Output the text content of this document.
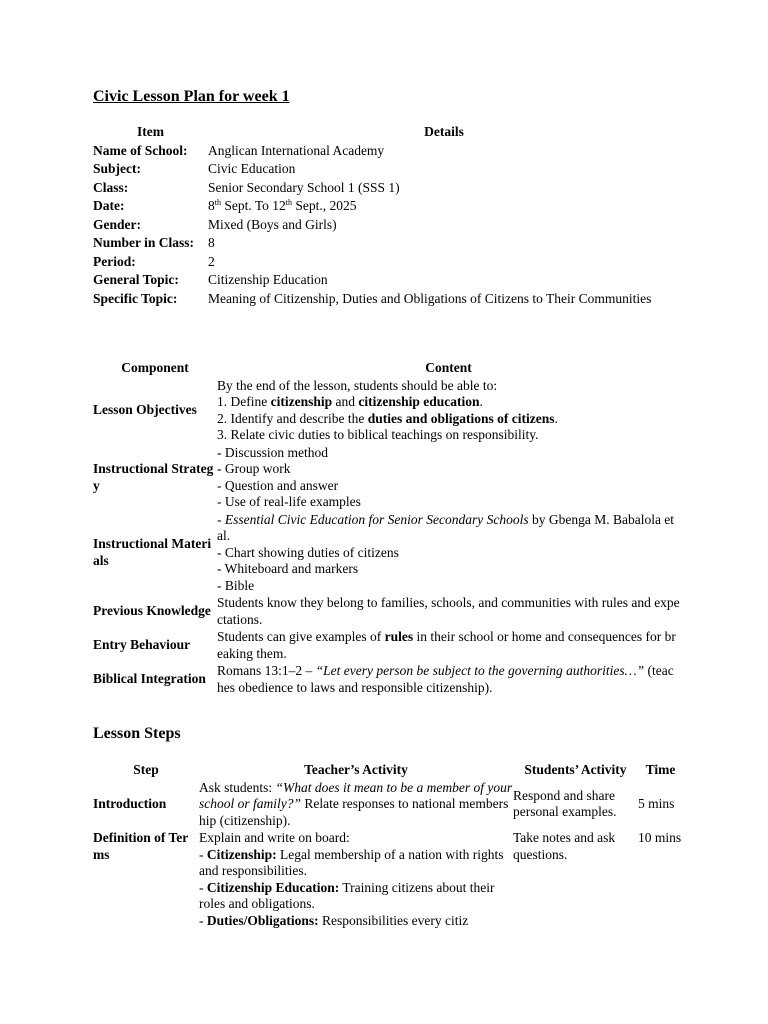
Civic Lesson Plan for week 1
Item	Details
Name of School:	Anglican International Academy
Subject:	Civic Education
Class:	Senior Secondary School 1 (SSS 1)
Date:	8th Sept. To 12th Sept., 2025
Gender:	Mixed (Boys and Girls)
Number in Class:	8
Period:	2
General Topic:	Citizenship Education
Specific Topic:	Meaning of Citizenship, Duties and Obligations of Citizens to Their Communities
Component	Content
Lesson Objectives	By the end of the lesson, students should be able to:
1. Define citizenship and citizenship education.
2. Identify and describe the duties and obligations of citizens.
3. Relate civic duties to biblical teachings on responsibility.

Instructional Strategy	- Discussion method
- Group work
- Question and answer
- Use of real-life examples

Instructional Materials	- Essential Civic Education for Senior Secondary Schools by Gbenga M. Babalola et al.
- Chart showing duties of citizens
- Whiteboard and markers
- Bible

Previous Knowledge	Students know they belong to families, schools, and communities with rules and expectations.
Entry Behaviour	Students can give examples of rules in their school or home and consequences for breaking them.
Biblical Integration	Romans 13:1–2 – “Let every person be subject to the governing authorities…” (teaches obedience to laws and responsible citizenship).
Lesson Steps
Step	Teacher’s Activity	Students’ Activity	Time
Introduction	Ask students: “What does it mean to be a member of your school or family?” Relate responses to national membership (citizenship).	Respond and share personal examples.	5 mins
Definition of Terms	Explain and write on board:
- Citizenship: Legal membership of a nation with rights and responsibilities.
- Citizenship Education: Training citizens about their roles and obligations.
- Duties/Obligations: Responsibilities every citiz	Take notes and ask questions.	10 mins
